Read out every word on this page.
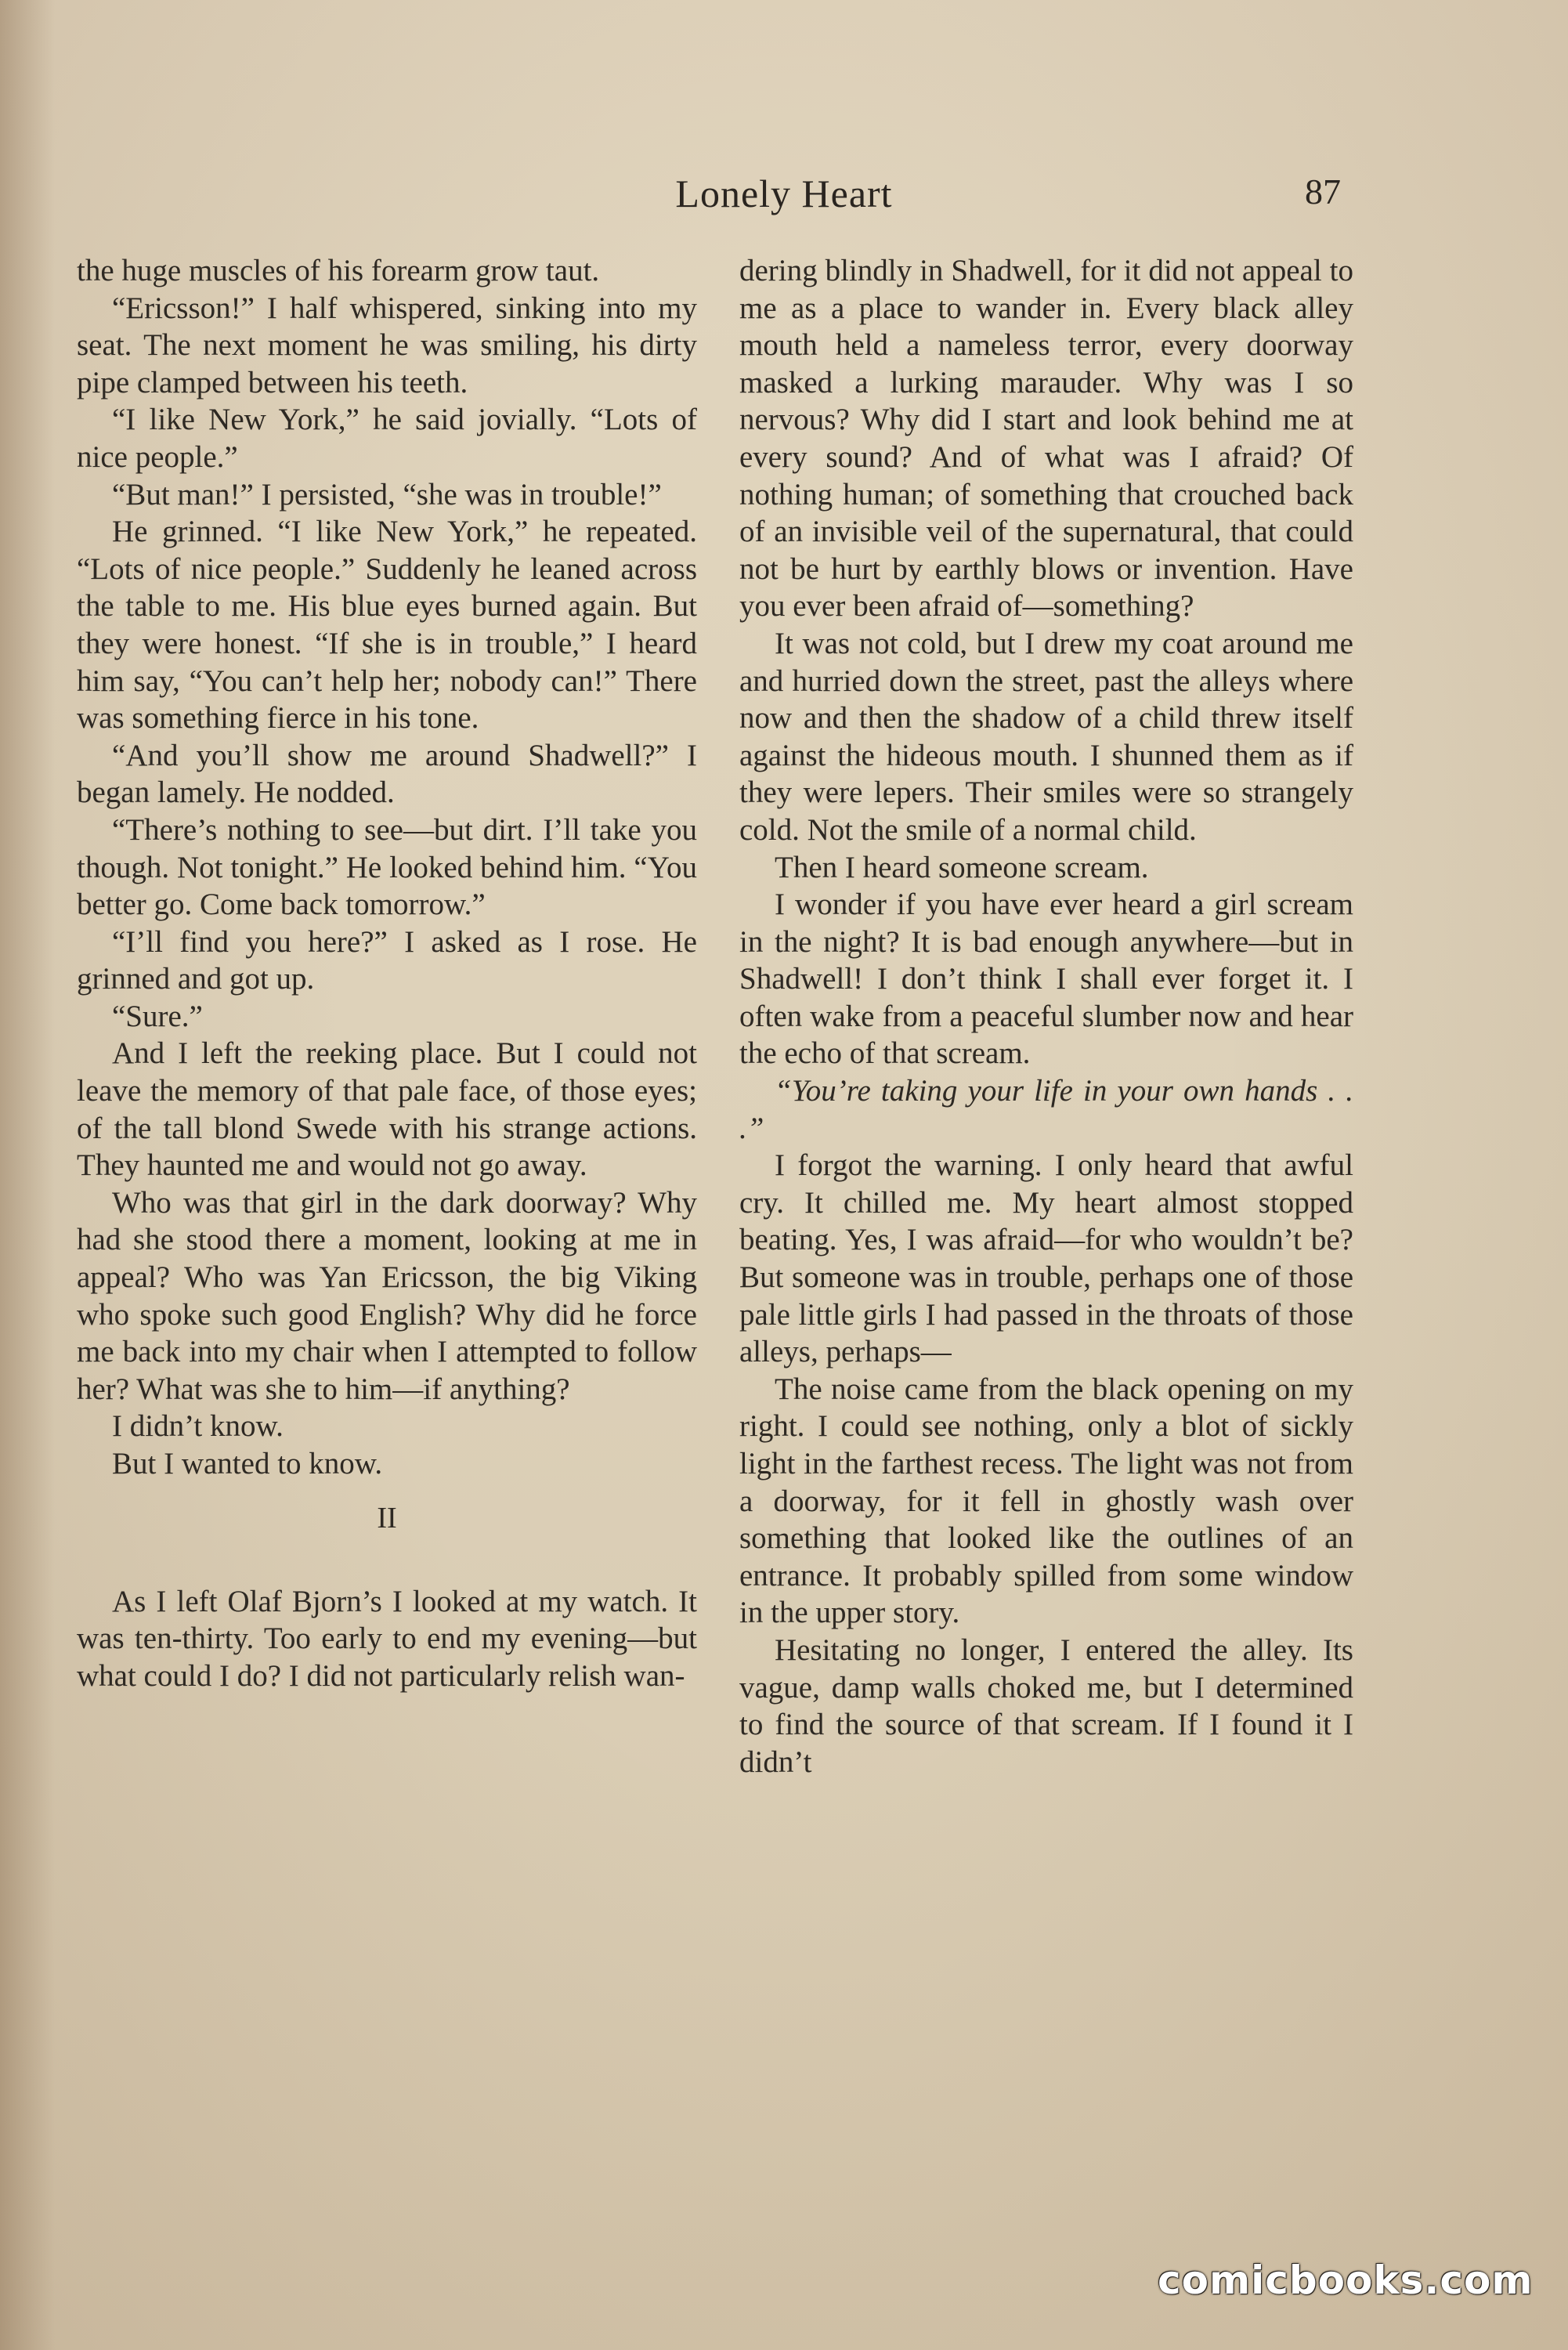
Lonely Heart	87

the huge muscles of his forearm grow taut.

“Ericsson!” I half whispered, sinking into my seat. The next moment he was smiling, his dirty pipe clamped between his teeth.

“I like New York,” he said jovially. “Lots of nice people.”

“But man!” I persisted, “she was in trouble!”

He grinned. “I like New York,” he repeated. “Lots of nice people.” Suddenly he leaned across the table to me. His blue eyes burned again. But they were honest. “If she is in trouble,” I heard him say, “You can’t help her; nobody can!” There was something fierce in his tone.

“And you’ll show me around Shadwell?” I began lamely. He nodded.

“There’s nothing to see—but dirt. I’ll take you though. Not tonight.” He looked behind him. “You better go. Come back tomorrow.”

“I’ll find you here?” I asked as I rose. He grinned and got up.

“Sure.”

And I left the reeking place. But I could not leave the memory of that pale face, of those eyes; of the tall blond Swede with his strange actions. They haunted me and would not go away.

Who was that girl in the dark doorway? Why had she stood there a moment, looking at me in appeal? Who was Yan Ericsson, the big Viking who spoke such good English? Why did he force me back into my chair when I attempted to follow her? What was she to him—if anything?

I didn’t know.

But I wanted to know.

II

As I left Olaf Bjorn’s I looked at my watch. It was ten-thirty. Too early to end my evening—but what could I do? I did not particularly relish wan-

dering blindly in Shadwell, for it did not appeal to me as a place to wander in. Every black alley mouth held a nameless terror, every doorway masked a lurking marauder. Why was I so nervous? Why did I start and look behind me at every sound? And of what was I afraid? Of nothing human; of something that crouched back of an invisible veil of the supernatural, that could not be hurt by earthly blows or invention. Have you ever been afraid of—something?

It was not cold, but I drew my coat around me and hurried down the street, past the alleys where now and then the shadow of a child threw itself against the hideous mouth. I shunned them as if they were lepers. Their smiles were so strangely cold. Not the smile of a normal child.

Then I heard someone scream.

I wonder if you have ever heard a girl scream in the night? It is bad enough anywhere—but in Shadwell! I don’t think I shall ever forget it. I often wake from a peaceful slumber now and hear the echo of that scream.

“You’re taking your life in your own hands . . .”

I forgot the warning. I only heard that awful cry. It chilled me. My heart almost stopped beating. Yes, I was afraid—for who wouldn’t be? But someone was in trouble, perhaps one of those pale little girls I had passed in the throats of those alleys, perhaps—

The noise came from the black opening on my right. I could see nothing, only a blot of sickly light in the farthest recess. The light was not from a doorway, for it fell in ghostly wash over something that looked like the outlines of an entrance. It probably spilled from some window in the upper story.

Hesitating no longer, I entered the alley. Its vague, damp walls choked me, but I determined to find the source of that scream. If I found it I didn’t

comicbooks.com
